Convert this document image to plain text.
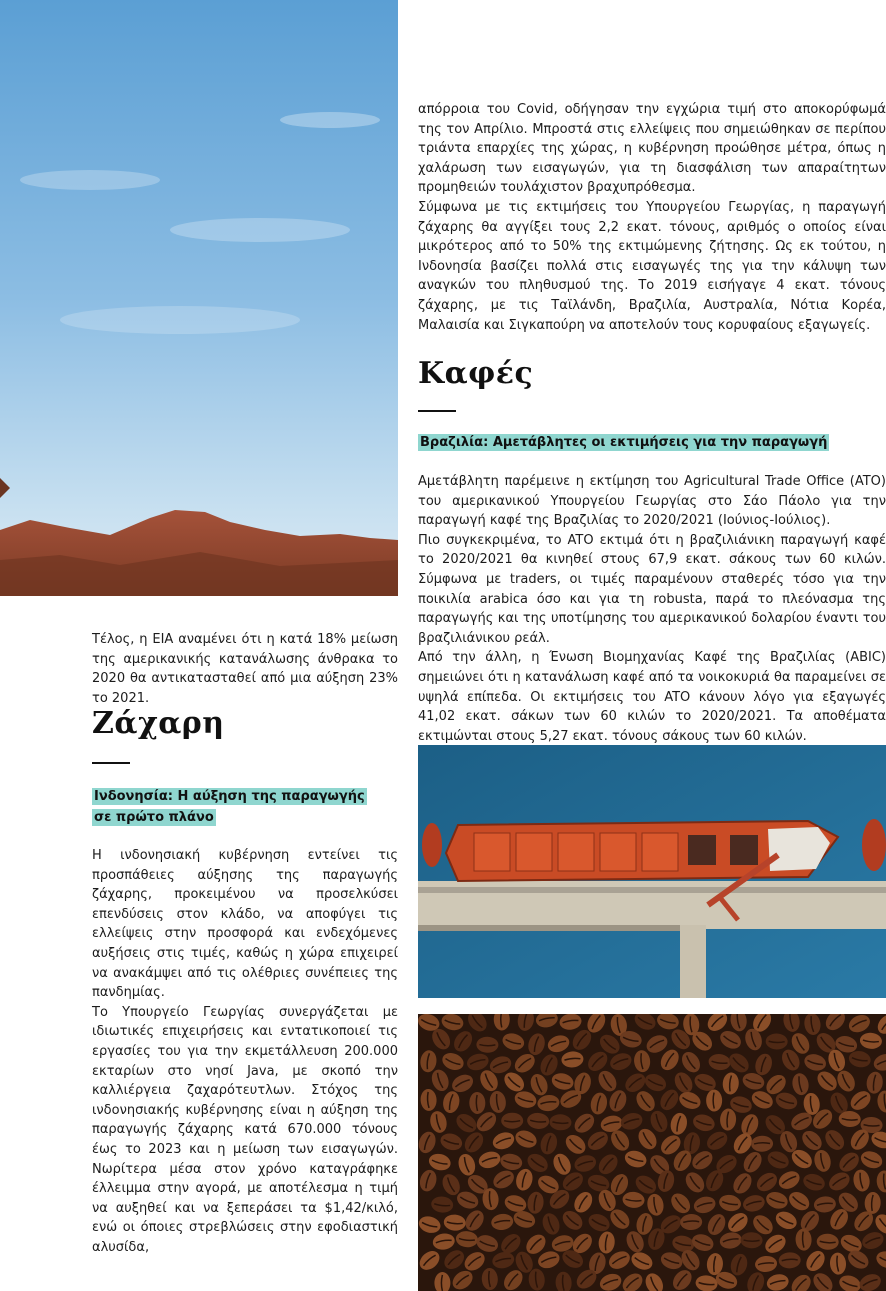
απόρροια του Covid, οδήγησαν την εγχώρια τιμή στο αποκορύφωμά της τον Απρίλιο. Μπροστά στις ελλείψεις που σημειώθηκαν σε περίπου τριάντα επαρχίες της χώρας, η κυβέρνηση προώθησε μέτρα, όπως η χαλάρωση των εισαγωγών, για τη διασφάλιση των απαραίτητων προμηθειών τουλάχιστον βραχυπρόθεσμα.

Σύμφωνα με τις εκτιμήσεις του Υπουργείου Γεωργίας, η παραγωγή ζάχαρης θα αγγίξει τους 2,2 εκατ. τόνους, αριθμός ο οποίος είναι μικρότερος από το 50% της εκτιμώμενης ζήτησης. Ως εκ τούτου, η Ινδονησία βασίζει πολλά στις εισαγωγές της για την κάλυψη των αναγκών του πληθυσμού της. Το 2019 εισήγαγε 4 εκατ. τόνους ζάχαρης, με τις Ταϊλάνδη, Βραζιλία, Αυστραλία, Νότια Κορέα, Μαλαισία και Σιγκαπούρη να αποτελούν τους κορυφαίους εξαγωγείς.

Καφές
Βραζιλία: Αμετάβλητες οι εκτιμήσεις για την παραγωγή

Αμετάβλητη παρέμεινε η εκτίμηση του Agricultural Trade Office (ATO) του αμερικανικού Υπουργείου Γεωργίας στο Σάο Πάολο για την παραγωγή καφέ της Βραζιλίας το 2020/2021 (Ιούνιος-Ιούλιος).

Πιο συγκεκριμένα, το ATO εκτιμά ότι η βραζιλιάνικη παραγωγή καφέ το 2020/2021 θα κινηθεί στους 67,9 εκατ. σάκους των 60 κιλών. Σύμφωνα με traders, οι τιμές παραμένουν σταθερές τόσο για την ποικιλία arabica όσο και για τη robusta, παρά το πλεόνασμα της παραγωγής και της υποτίμησης του αμερικανικού δολαρίου έναντι του βραζιλιάνικου ρεάλ.

Από την άλλη, η Ένωση Βιομηχανίας Καφέ της Βραζιλίας (ABIC) σημειώνει ότι η κατανάλωση καφέ από τα νοικοκυριά θα παραμείνει σε υψηλά επίπεδα. Οι εκτιμήσεις του ATO κάνουν λόγο για εξαγωγές 41,02 εκατ. σάκων των 60 κιλών το 2020/2021. Τα αποθέματα εκτιμώνται στους 5,27 εκατ. τόνους σάκους των 60 κιλών.

Τέλος, η EIA αναμένει ότι η κατά 18% μείωση της αμερικανικής κατανάλωσης άνθρακα το 2020 θα αντικατασταθεί από μια αύξηση 23% το 2021.

Ζάχαρη
Ινδονησία: Η αύξηση της παραγωγής
σε πρώτο πλάνο

Η ινδονησιακή κυβέρνηση εντείνει τις προσπάθειες αύξησης της παραγωγής ζάχαρης, προκειμένου να προσελκύσει επενδύσεις στον κλάδο, να αποφύγει τις ελλείψεις στην προσφορά και ενδεχόμενες αυξήσεις στις τιμές, καθώς η χώρα επιχειρεί να ανακάμψει από τις ολέθριες συνέπειες της πανδημίας.

Το Υπουργείο Γεωργίας συνεργάζεται με ιδιωτικές επιχειρήσεις και εντατικοποιεί τις εργασίες του για την εκμετάλλευση 200.000 εκταρίων στο νησί Java, με σκοπό την καλλιέργεια ζαχαρότευτλων. Στόχος της ινδονησιακής κυβέρνησης είναι η αύξηση της παραγωγής ζάχαρης κατά 670.000 τόνους έως το 2023 και η μείωση των εισαγωγών. Νωρίτερα μέσα στον χρόνο καταγράφηκε έλλειμμα στην αγορά, με αποτέλεσμα η τιμή να αυξηθεί και να ξεπεράσει τα $1,42/κιλό, ενώ οι όποιες στρεβλώσεις στην εφοδιαστική αλυσίδα,
